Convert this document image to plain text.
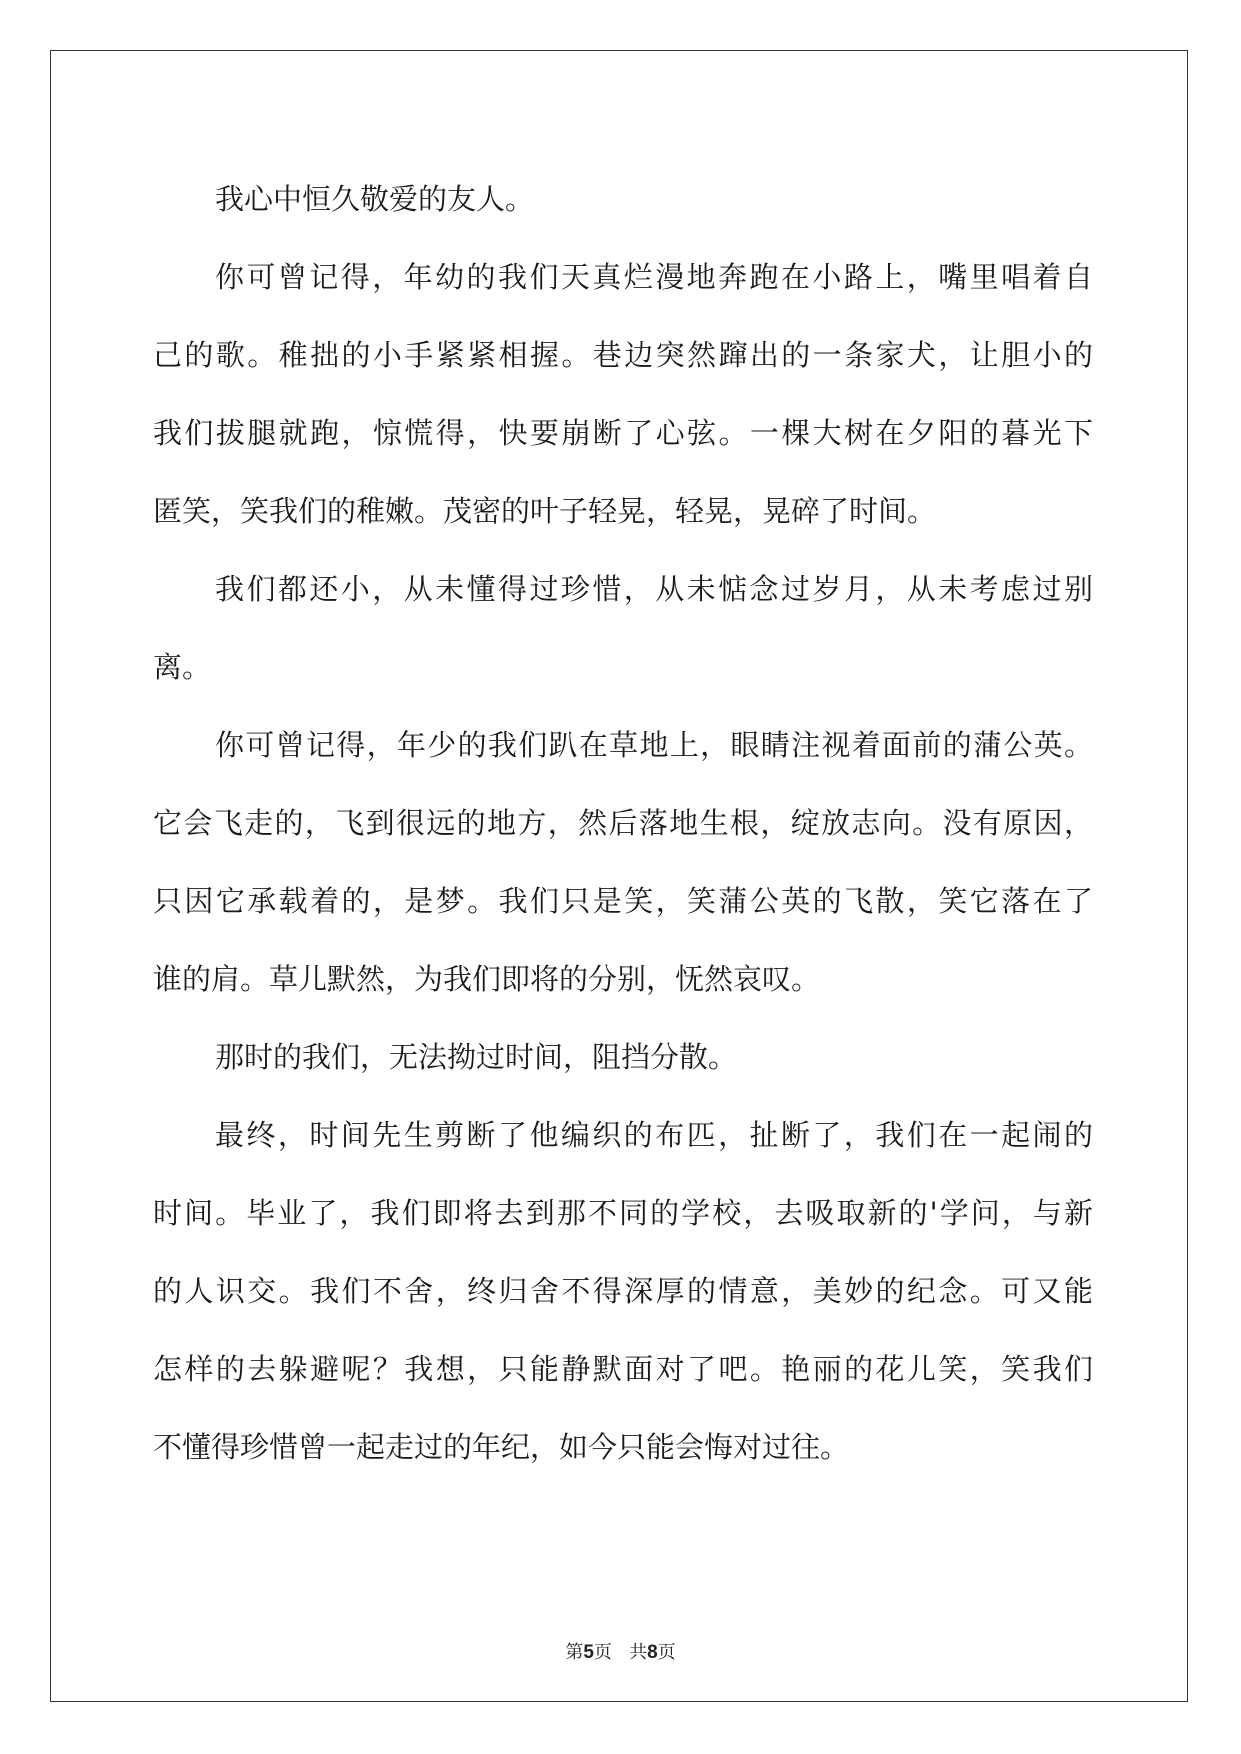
我心中恒久敬爱的友人。
你可曾记得，年幼的我们天真烂漫地奔跑在小路上，嘴里唱着自
己的歌。稚拙的小手紧紧相握。巷边突然蹿出的一条家犬，让胆小的
我们拔腿就跑，惊慌得，快要崩断了心弦。一棵大树在夕阳的暮光下
匿笑，笑我们的稚嫩。茂密的叶子轻晃，轻晃，晃碎了时间。
我们都还小，从未懂得过珍惜，从未惦念过岁月，从未考虑过别
离。
你可曾记得，年少的我们趴在草地上，眼睛注视着面前的蒲公英。
它会飞走的，飞到很远的地方，然后落地生根，绽放志向。没有原因，
只因它承载着的，是梦。我们只是笑，笑蒲公英的飞散，笑它落在了
谁的肩。草儿默然，为我们即将的分别，怃然哀叹。
那时的我们，无法拗过时间，阻挡分散。
最终，时间先生剪断了他编织的布匹，扯断了，我们在一起闹的
时间。毕业了，我们即将去到那不同的学校，去吸取新的'学问，与新
的人识交。我们不舍，终归舍不得深厚的情意，美妙的纪念。可又能
怎样的去躲避呢？我想，只能静默面对了吧。艳丽的花儿笑，笑我们
不懂得珍惜曾一起走过的年纪，如今只能会悔对过往。
第5页   共8页
